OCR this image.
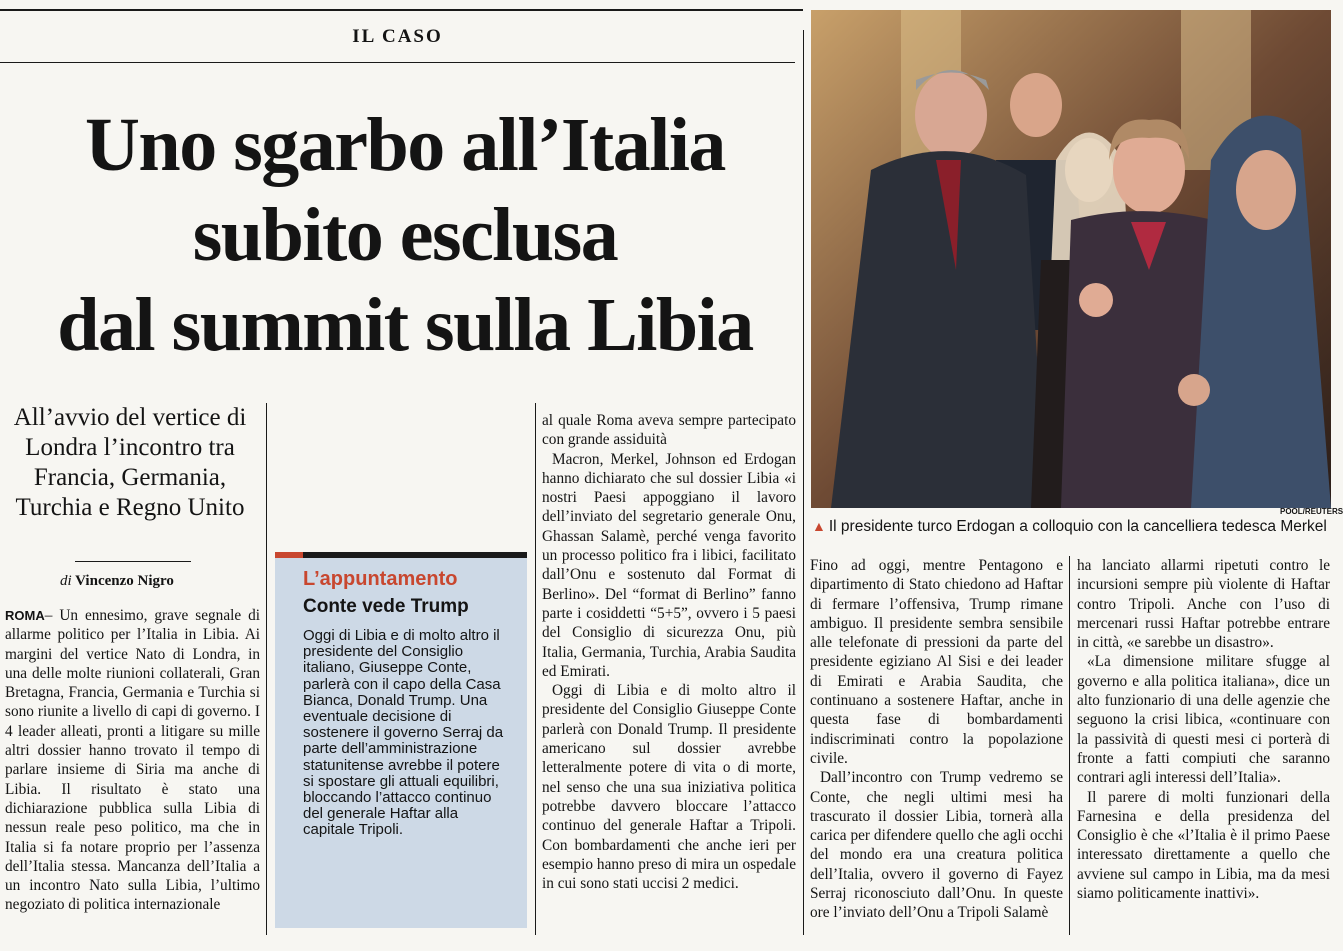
IL CASO
Uno sgarbo all’Italia
subito esclusa
dal summit sulla Libia
All’avvio del vertice di Londra l’incontro tra Francia, Germania, Turchia e Regno Unito
di Vincenzo Nigro

ROMA– Un ennesimo, grave segnale di allarme politico per l’Italia in Libia. Ai margini del vertice Nato di Londra, in una delle molte riunioni collaterali, Gran Bretagna, Francia, Germania e Turchia si sono riunite a livello di capi di governo. I 4 leader alleati, pronti a litigare su mille altri dossier hanno trovato il tempo di parlare insieme di Siria ma anche di Libia. Il risultato è stato una dichiarazione pubblica sulla Libia di nessun reale peso politico, ma che in Italia si fa notare proprio per l’assenza dell’Italia stessa. Mancanza dell’Italia a un incontro Nato sulla Libia, l’ultimo negoziato di politica internazionale

L’appuntamento
Conte vede Trump
Oggi di Libia e di molto altro il presidente del Consiglio italiano, Giuseppe Conte, parlerà con il capo della Casa Bianca, Donald Trump. Una eventuale decisione di sostenere il governo Serraj da parte dell’amministrazione statunitense avrebbe il potere si spostare gli attuali equilibri, bloccando l’attacco continuo del generale Haftar alla capitale Tripoli.

al quale Roma aveva sempre partecipato con grande assiduità

Macron, Merkel, Johnson ed Erdogan hanno dichiarato che sul dossier Libia «i nostri Paesi appoggiano il lavoro dell’inviato del segretario generale Onu, Ghassan Salamè, perché venga favorito un processo politico fra i libici, facilitato dall’Onu e sostenuto dal Format di Berlino». Del “format di Berlino” fanno parte i cosiddetti “5+5”, ovvero i 5 paesi del Consiglio di sicurezza Onu, più Italia, Germania, Turchia, Arabia Saudita ed Emirati.

Oggi di Libia e di molto altro il presidente del Consiglio Giuseppe Conte parlerà con Donald Trump. Il presidente americano sul dossier avrebbe letteralmente potere di vita o di morte, nel senso che una sua iniziativa politica potrebbe davvero bloccare l’attacco continuo del generale Haftar a Tripoli. Con bombardamenti che anche ieri per esempio hanno preso di mira un ospedale in cui sono stati uccisi 2 medici.

POOL/REUTERS
▲ Il presidente turco Erdogan a colloquio con la cancelliera tedesca Merkel

Fino ad oggi, mentre Pentagono e dipartimento di Stato chiedono ad Haftar di fermare l’offensiva, Trump rimane ambiguo. Il presidente sembra sensibile alle telefonate di pressioni da parte del presidente egiziano Al Sisi e dei leader di Emirati e Arabia Saudita, che continuano a sostenere Haftar, anche in questa fase di bombardamenti indiscriminati contro la popolazione civile.

Dall’incontro con Trump vedremo se Conte, che negli ultimi mesi ha trascurato il dossier Libia, tornerà alla carica per difendere quello che agli occhi del mondo era una creatura politica dell’Italia, ovvero il governo di Fayez Serraj riconosciuto dall’Onu. In queste ore l’inviato dell’Onu a Tripoli Salamè

ha lanciato allarmi ripetuti contro le incursioni sempre più violente di Haftar contro Tripoli. Anche con l’uso di mercenari russi Haftar potrebbe entrare in città, «e sarebbe un disastro».

«La dimensione militare sfugge al governo e alla politica italiana», dice un alto funzionario di una delle agenzie che seguono la crisi libica, «continuare con la passività di questi mesi ci porterà di fronte a fatti compiuti che saranno contrari agli interessi dell’Italia».

Il parere di molti funzionari della Farnesina e della presidenza del Consiglio è che «l’Italia è il primo Paese interessato direttamente a quello che avviene sul campo in Libia, ma da mesi siamo politicamente inattivi».
